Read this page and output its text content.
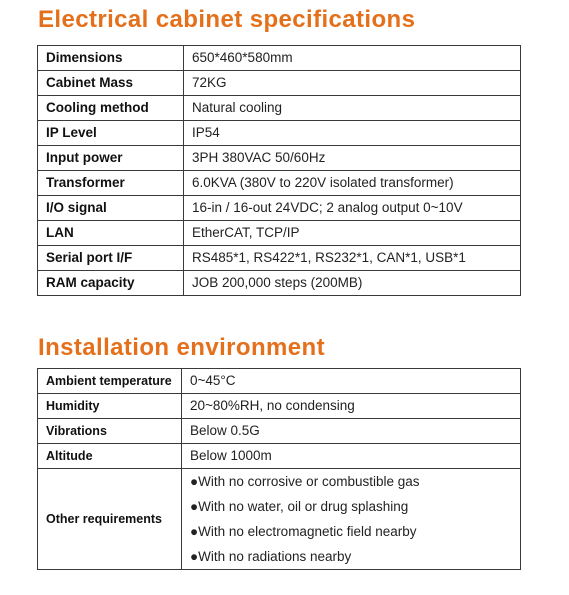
Electrical cabinet specifications
Dimensions	650*460*580mm
Cabinet Mass	72KG
Cooling method	Natural cooling
IP Level	IP54
Input power	3PH 380VAC 50/60Hz
Transformer	6.0KVA (380V to 220V isolated transformer)
I/O signal	16-in / 16-out 24VDC; 2 analog output 0~10V
LAN	EtherCAT, TCP/IP
Serial port I/F	RS485*1, RS422*1, RS232*1, CAN*1, USB*1
RAM capacity	JOB 200,000 steps (200MB)
Installation environment
Ambient temperature	0~45°C
Humidity	20~80%RH, no condensing
Vibrations	Below 0.5G
Altitude	Below 1000m
Other requirements	●With no corrosive or combustible gas
●With no water, oil or drug splashing
●With no electromagnetic field nearby
●With no radiations nearby
